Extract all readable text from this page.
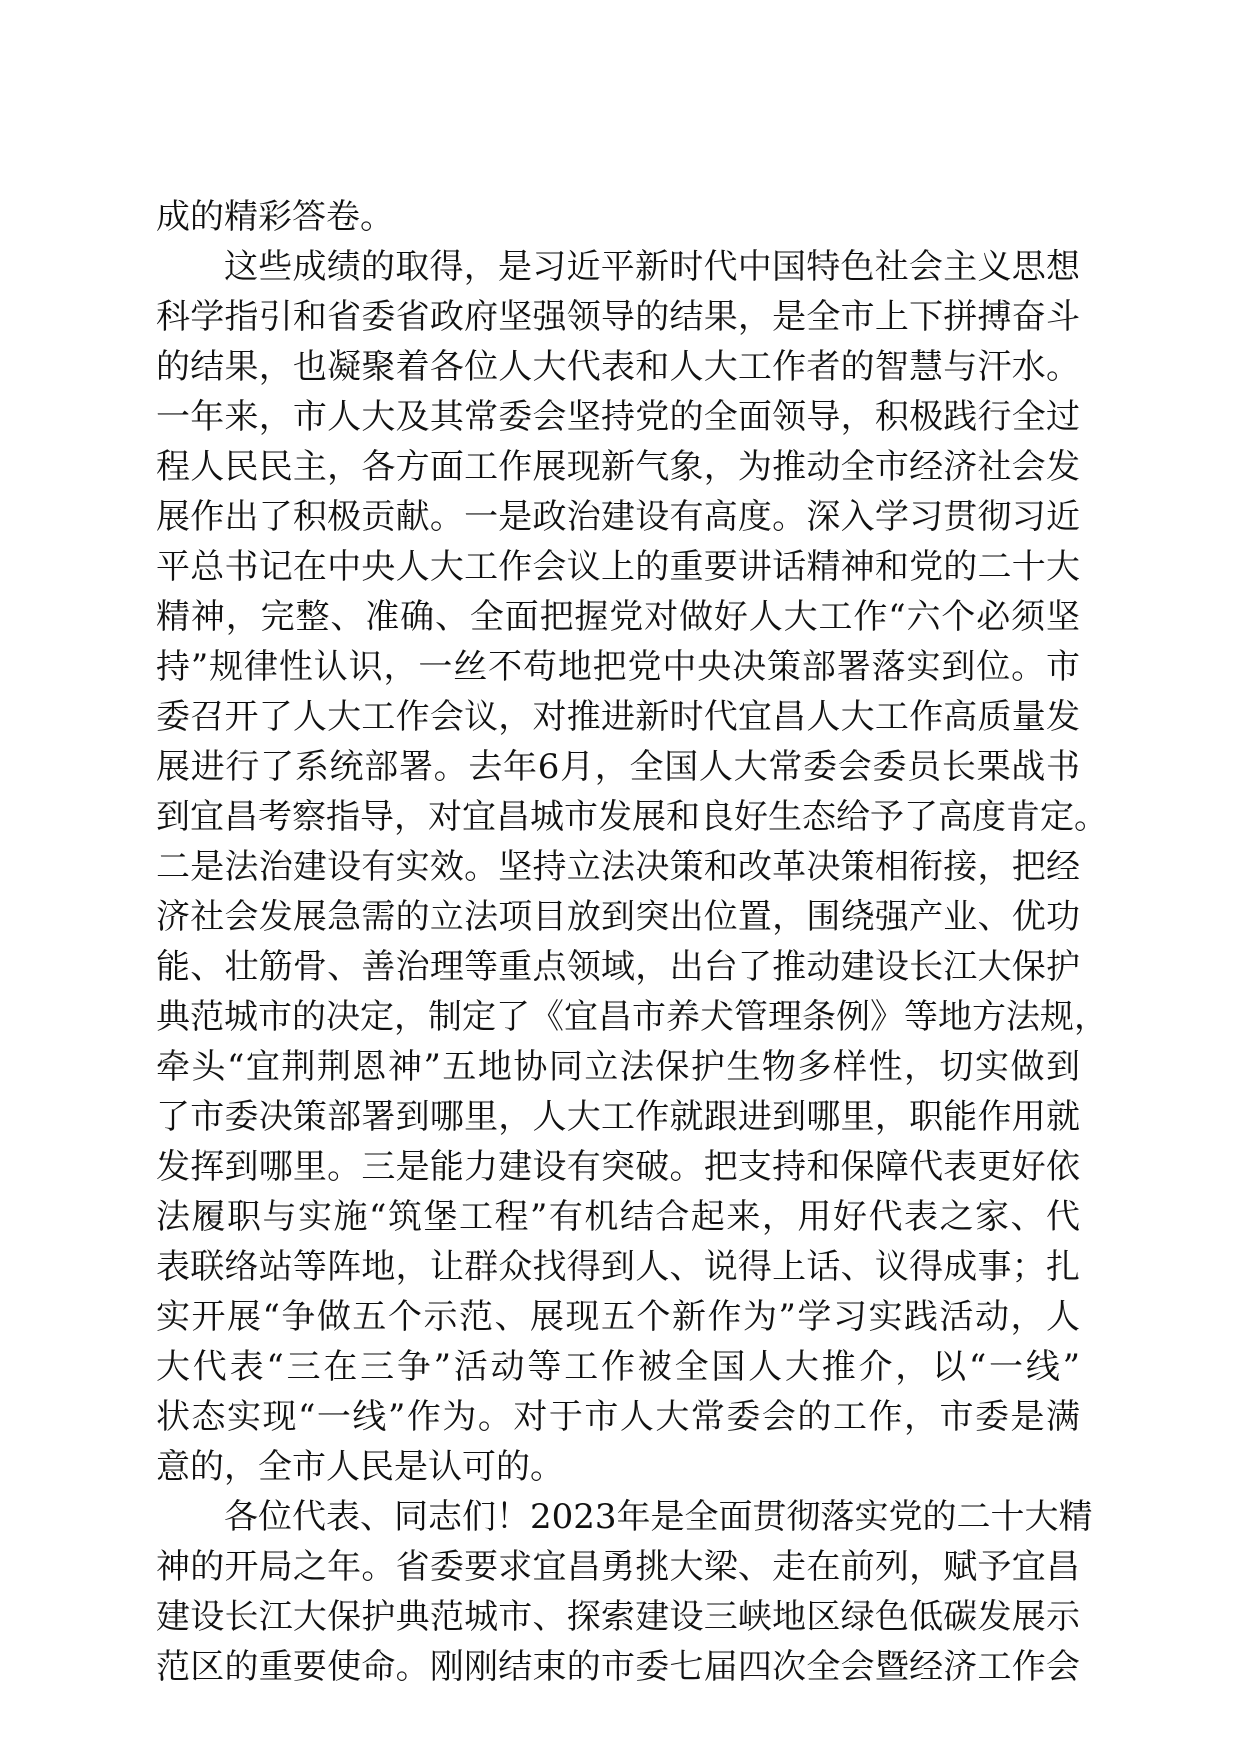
成的精彩答卷。
这些成绩的取得，是习近平新时代中国特色社会主义思想
科学指引和省委省政府坚强领导的结果，是全市上下拼搏奋斗
的结果，也凝聚着各位人大代表和人大工作者的智慧与汗水。
一年来，市人大及其常委会坚持党的全面领导，积极践行全过
程人民民主，各方面工作展现新气象，为推动全市经济社会发
展作出了积极贡献。一是政治建设有高度。深入学习贯彻习近
平总书记在中央人大工作会议上的重要讲话精神和党的二十大
精神，完整、准确、全面把握党对做好人大工作“六个必须坚
持”规律性认识，一丝不苟地把党中央决策部署落实到位。市
委召开了人大工作会议，对推进新时代宜昌人大工作高质量发
展进行了系统部署。去年6月，全国人大常委会委员长栗战书
到宜昌考察指导，对宜昌城市发展和良好生态给予了高度肯定。
二是法治建设有实效。坚持立法决策和改革决策相衔接，把经
济社会发展急需的立法项目放到突出位置，围绕强产业、优功
能、壮筋骨、善治理等重点领域，出台了推动建设长江大保护
典范城市的决定，制定了《宜昌市养犬管理条例》等地方法规，
牵头“宜荆荆恩神”五地协同立法保护生物多样性，切实做到
了市委决策部署到哪里，人大工作就跟进到哪里，职能作用就
发挥到哪里。三是能力建设有突破。把支持和保障代表更好依
法履职与实施“筑堡工程”有机结合起来，用好代表之家、代
表联络站等阵地，让群众找得到人、说得上话、议得成事；扎
实开展“争做五个示范、展现五个新作为”学习实践活动，人
大代表“三在三争”活动等工作被全国人大推介，以“一线”
状态实现“一线”作为。对于市人大常委会的工作，市委是满
意的，全市人民是认可的。
各位代表、同志们！2023年是全面贯彻落实党的二十大精
神的开局之年。省委要求宜昌勇挑大梁、走在前列，赋予宜昌
建设长江大保护典范城市、探索建设三峡地区绿色低碳发展示
范区的重要使命。刚刚结束的市委七届四次全会暨经济工作会
